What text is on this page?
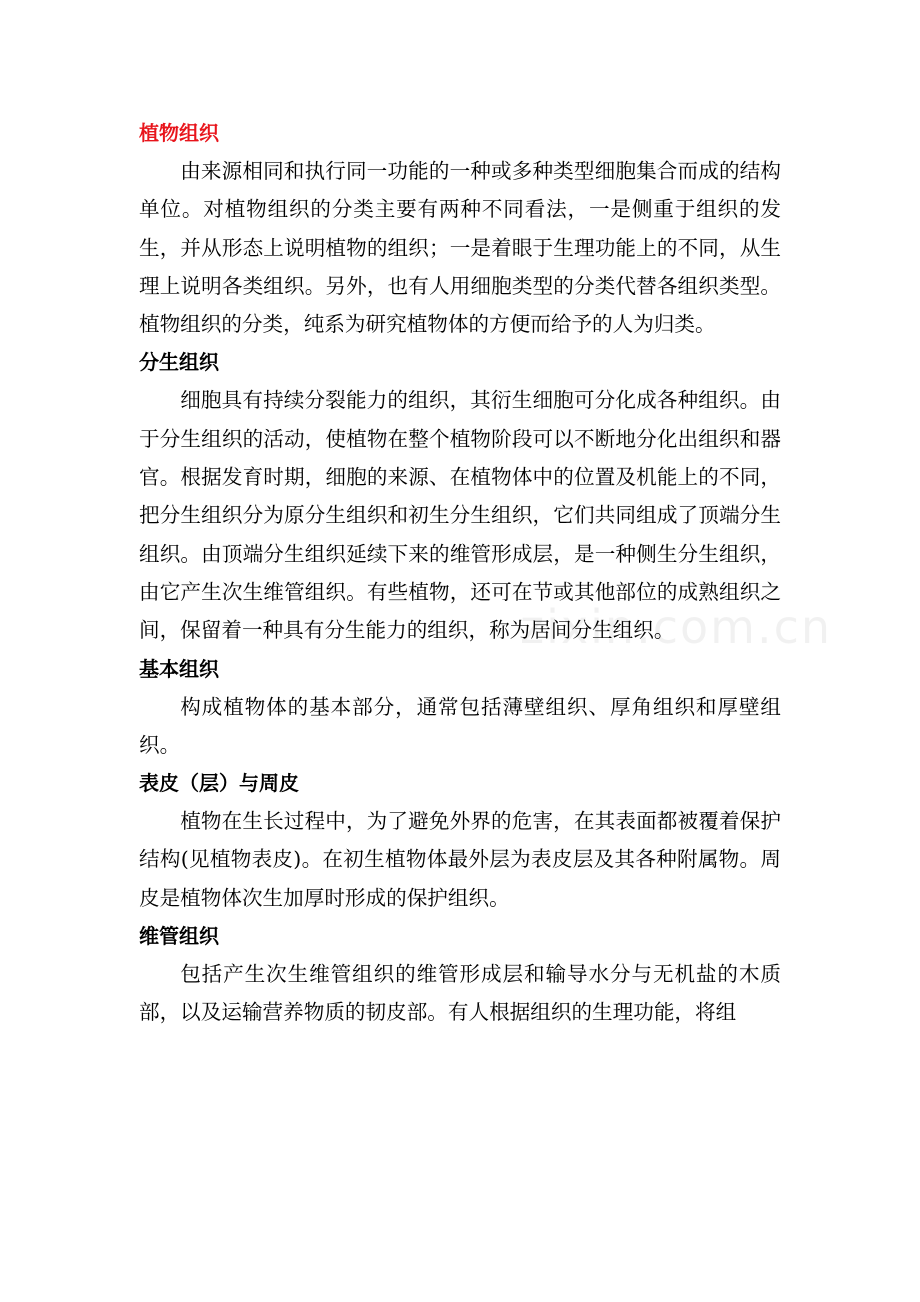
zixin.com.cn
植物组织

由来源相同和执行同一功能的一种或多种类型细胞集合而成的结构单位。对植物组织的分类主要有两种不同看法，一是侧重于组织的发生，并从形态上说明植物的组织；一是着眼于生理功能上的不同，从生理上说明各类组织。另外，也有人用细胞类型的分类代替各组织类型。植物组织的分类，纯系为研究植物体的方便而给予的人为归类。

分生组织

细胞具有持续分裂能力的组织，其衍生细胞可分化成各种组织。由于分生组织的活动，使植物在整个植物阶段可以不断地分化出组织和器官。根据发育时期，细胞的来源、在植物体中的位置及机能上的不同，把分生组织分为原分生组织和初生分生组织，它们共同组成了顶端分生组织。由顶端分生组织延续下来的维管形成层，是一种侧生分生组织，由它产生次生维管组织。有些植物，还可在节或其他部位的成熟组织之间，保留着一种具有分生能力的组织，称为居间分生组织。

基本组织

构成植物体的基本部分，通常包括薄壁组织、厚角组织和厚壁组织。

表皮（层）与周皮

植物在生长过程中，为了避免外界的危害，在其表面都被覆着保护结构(见植物表皮)。在初生植物体最外层为表皮层及其各种附属物。周皮是植物体次生加厚时形成的保护组织。

维管组织

包括产生次生维管组织的维管形成层和输导水分与无机盐的木质部，以及运输营养物质的韧皮部。有人根据组织的生理功能，将组
